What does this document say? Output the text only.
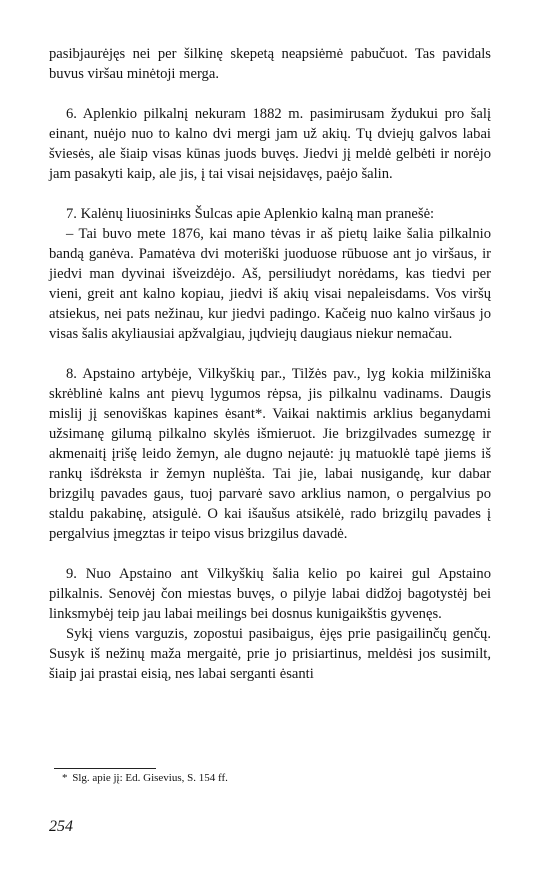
pasibjaurėjęs nei per šilkinę skepetą neapsiėmė pabučuot. Tas pavidals buvus viršau minėtoji merga.

6. Aplenkio pilkalnį nekuram 1882 m. pasimirusam žydukui pro šalį einant, nuėjo nuo to kalno dvi mergi jam už akių. Tų dviejų galvos labai šviesės, ale šiaip visas kūnas juods buvęs. Jiedvi jį meldė gelbėti ir norėjo jam pasakyti kaip, ale jis, į tai visai neįsidavęs, paėjo šalin.

7. Kalėnų liuosinінks Šulcas apie Aplenkio kalną man pranešė:

– Tai buvo mete 1876, kai mano tėvas ir aš pietų laike šalia pilkalnio bandą ganėva. Pamatėva dvi moteriški juoduose rūbuose ant jo viršaus, ir jiedvi man dyvinai išveizdėjo. Aš, persiliudyt norėdams, kas tiedvi per vieni, greit ant kalno kopiau, jiedvi iš akių visai nepaleisdams. Vos viršų atsiekus, nei pats nežinau, kur jiedvi padingo. Kačeig nuo kalno viršaus jo visas šalis akyliausiai apžvalgiau, jųdviejų daugiaus niekur nemačau.

8. Apstaino artybėje, Vilkyškių par., Tilžės pav., lyg kokia milžiniška skrėblinė kalns ant pievų lygumos rėpsa, jis pilkalnu vadinams. Daugis mislij jį senoviškas kapines ėsant*. Vaikai naktimis arklius beganydami užsimanę gilumą pilkalno skylės išmieruot. Jie brizgilvades sumezgę ir akmenaitį įrišę leido žemyn, ale dugno nejautė: jų matuoklė tapė jiems iš rankų išdrėksta ir žemyn nuplėšta. Tai jie, labai nusigandę, kur dabar brizgilų pavades gaus, tuoj parvarė savo arklius namon, o pergalvius po staldu pakabinę, atsigulė. O kai išaušus atsikėlė, rado brizgilų pavades į pergalvius įmegztas ir teipo visus brizgilus davadė.

9. Nuo Apstaino ant Vilkyškių šalia kelio po kairei gul Apstaino pilkalnis. Senovėj čon miestas buvęs, o pilyje labai didžoj bagotystėj bei linksmybėj teip jau labai meilings bei dosnus kunigaikštis gyvenęs.

Sykį viens varguzis, zopostui pasibaigus, ėjęs prie pasigailinčų genčų. Susyk iš nežinų maža mergaitė, prie jo prisiartinus, meldėsi jos susimilt, šiaip jai prastai eisią, nes labai serganti ėsanti

* Slg. apie jį: Ed. Gisevius, S. 154 ff.
254
